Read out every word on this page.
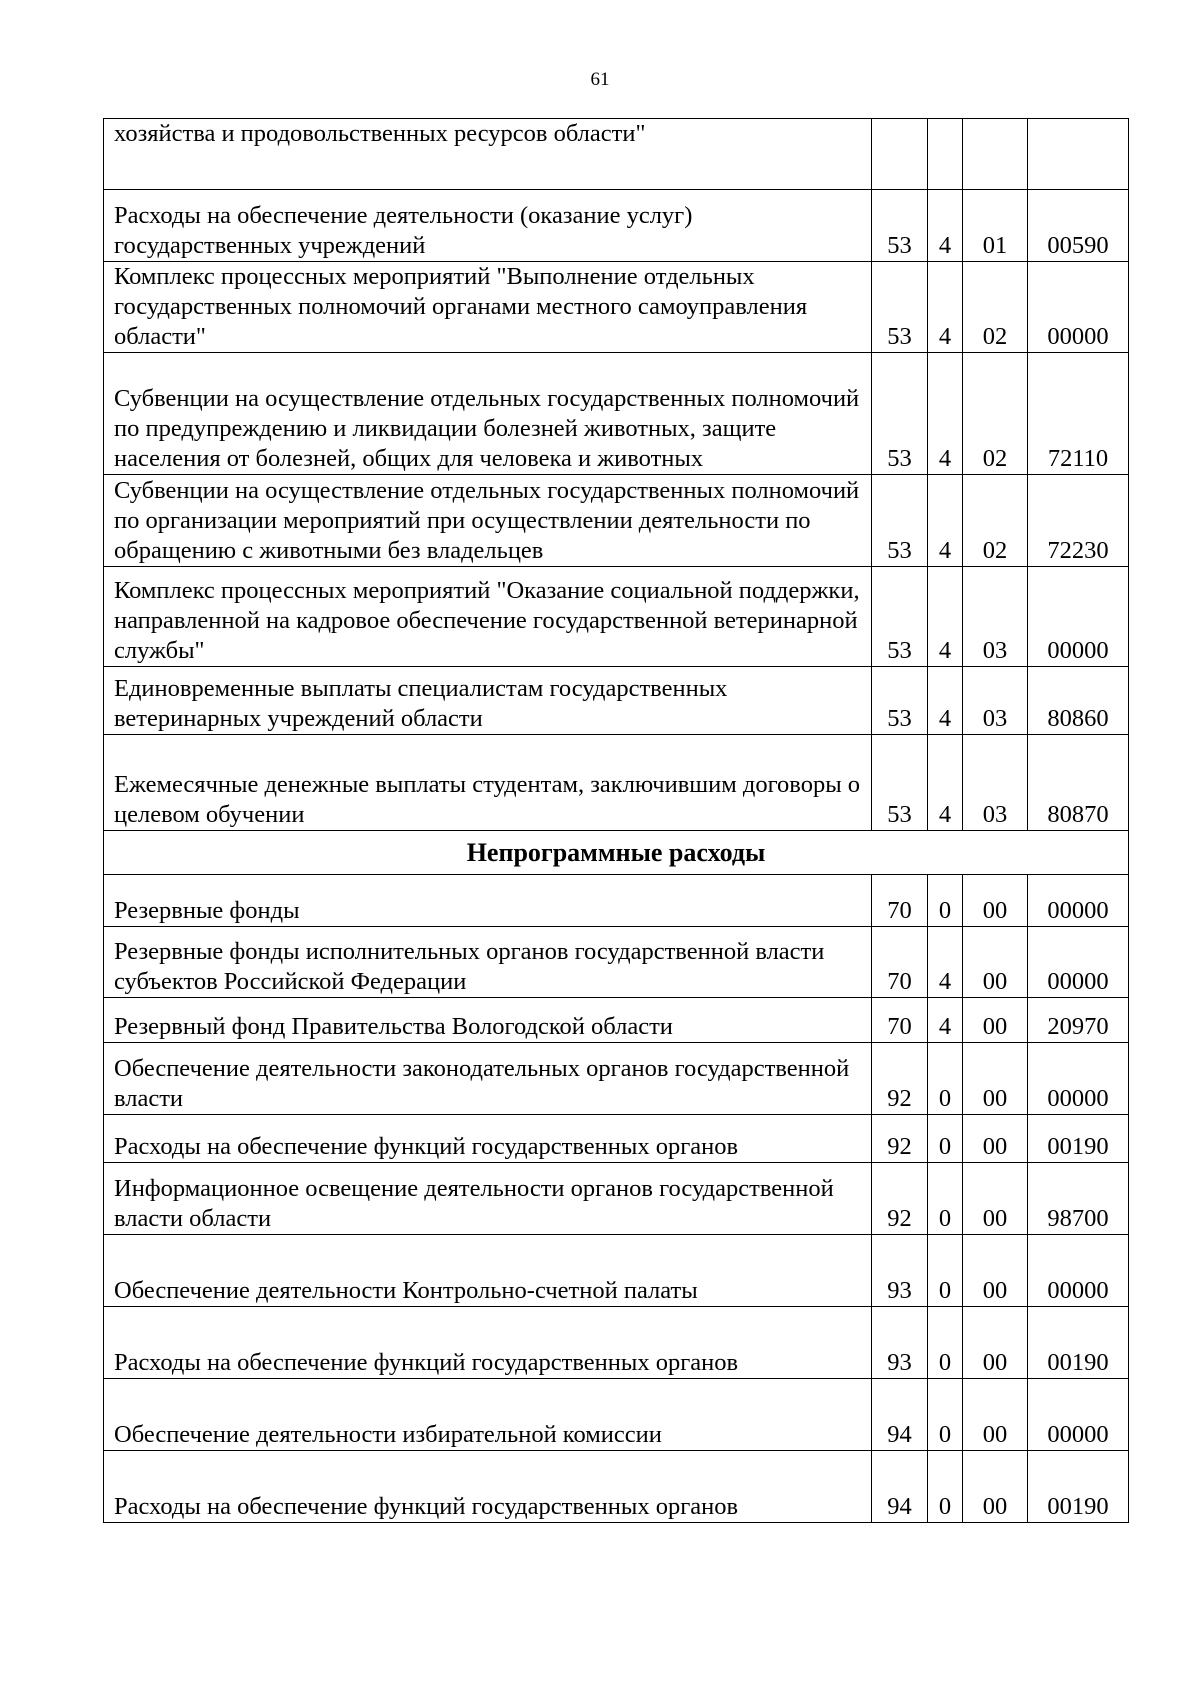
61
хозяйства и продовольственных ресурсов области"				
Расходы на обеспечение деятельности (оказание услуг) государственных учреждений	53	4	01	00590
Комплекс процессных мероприятий "Выполнение отдельных государственных полномочий органами местного самоуправления области"	53	4	02	00000
Субвенции на осуществление отдельных государственных полномочий по предупреждению и ликвидации болезней животных, защите населения от болезней, общих для человека и животных	53	4	02	72110
Субвенции на осуществление отдельных государственных полномочий по организации мероприятий при осуществлении деятельности по обращению с животными без владельцев	53	4	02	72230
Комплекс процессных мероприятий "Оказание социальной поддержки, направленной на кадровое обеспечение государственной ветеринарной службы"	53	4	03	00000
Единовременные выплаты специалистам государственных ветеринарных учреждений области	53	4	03	80860
Ежемесячные денежные выплаты студентам, заключившим договоры о целевом обучении	53	4	03	80870
Непрограммные расходы				
Резервные фонды	70	0	00	00000
Резервные фонды исполнительных органов государственной власти субъектов Российской Федерации	70	4	00	00000
Резервный фонд Правительства Вологодской области	70	4	00	20970
Обеспечение деятельности законодательных органов государственной власти	92	0	00	00000
Расходы на обеспечение функций государственных органов	92	0	00	00190
Информационное освещение деятельности органов государственной власти области	92	0	00	98700
Обеспечение деятельности Контрольно-счетной палаты	93	0	00	00000
Расходы на обеспечение функций государственных органов	93	0	00	00190
Обеспечение деятельности избирательной комиссии	94	0	00	00000
Расходы на обеспечение функций государственных органов	94	0	00	00190
